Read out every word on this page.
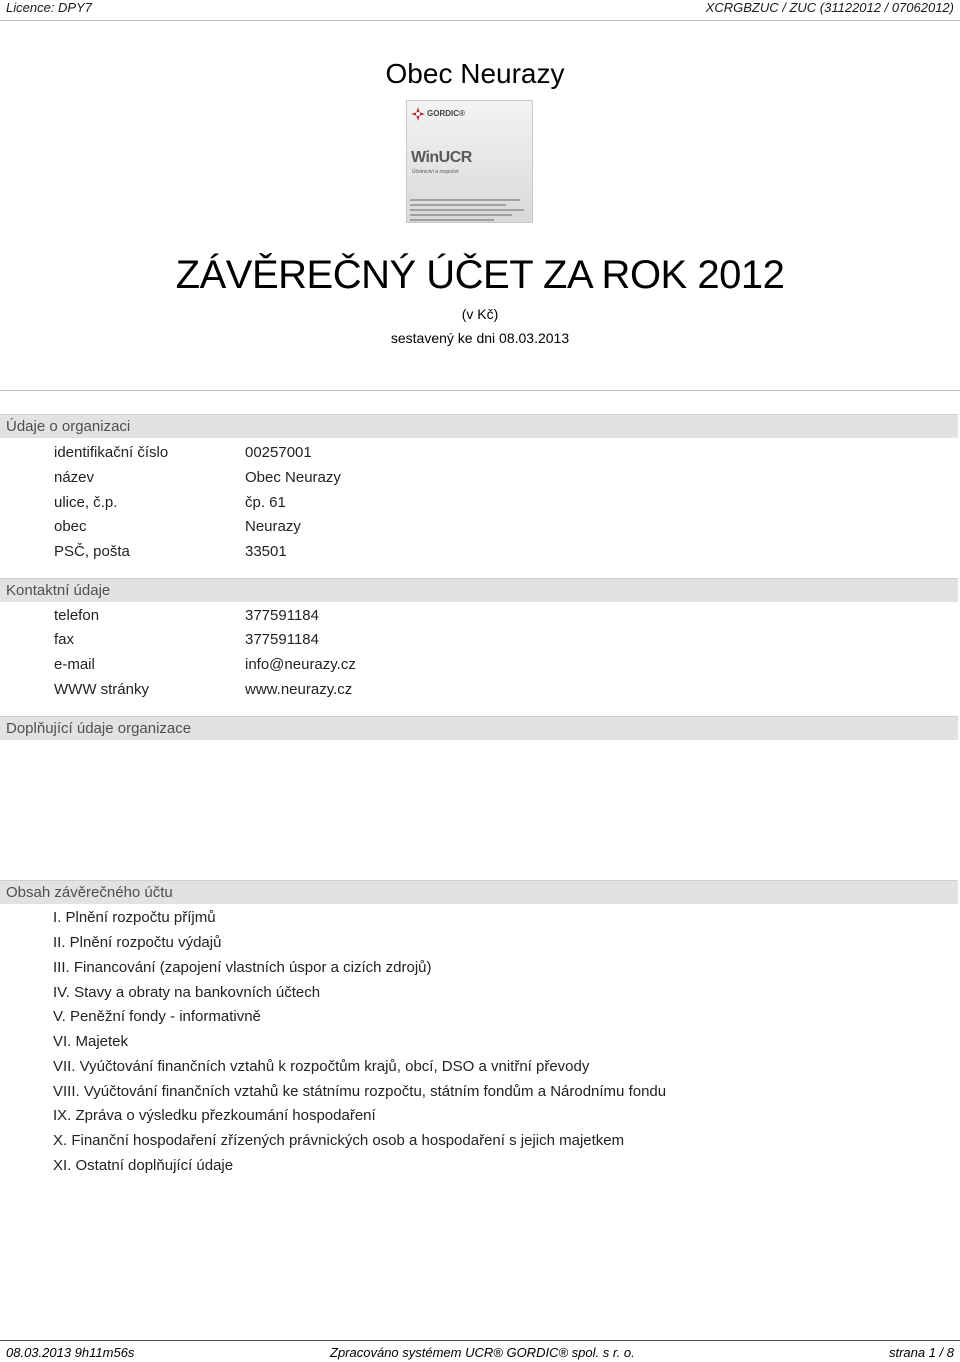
Licence: DPY7	XCRGBZUC / ZUC (31122012 / 07062012)
Obec Neurazy
GORDIC®
WinUCR
Účetnictví a rozpočet
ZÁVĚREČNÝ ÚČET ZA ROK 2012
(v Kč)
sestavený ke dni 08.03.2013
Údaje o organizaci
identifikační číslo	00257001
název	Obec Neurazy
ulice, č.p.	čp. 61
obec	Neurazy
PSČ, pošta	33501
Kontaktní údaje
telefon	377591184
fax	377591184
e-mail	info@neurazy.cz
WWW stránky	www.neurazy.cz
Doplňující údaje organizace
Obsah závěrečného účtu
I. Plnění rozpočtu příjmů
II. Plnění rozpočtu výdajů
III. Financování (zapojení vlastních úspor a cizích zdrojů)
IV. Stavy a obraty na bankovních účtech
V. Peněžní fondy - informativně
VI. Majetek
VII. Vyúčtování finančních vztahů k rozpočtům krajů, obcí, DSO a vnitřní převody
VIII. Vyúčtování finančních vztahů ke státnímu rozpočtu, státním fondům a Národnímu fondu
IX. Zpráva o výsledku přezkoumání hospodaření
X. Finanční hospodaření zřízených právnických osob a hospodaření s jejich majetkem
XI. Ostatní doplňující údaje
08.03.2013 9h11m56s	Zpracováno systémem UCR® GORDIC® spol. s r. o.	strana 1 / 8
